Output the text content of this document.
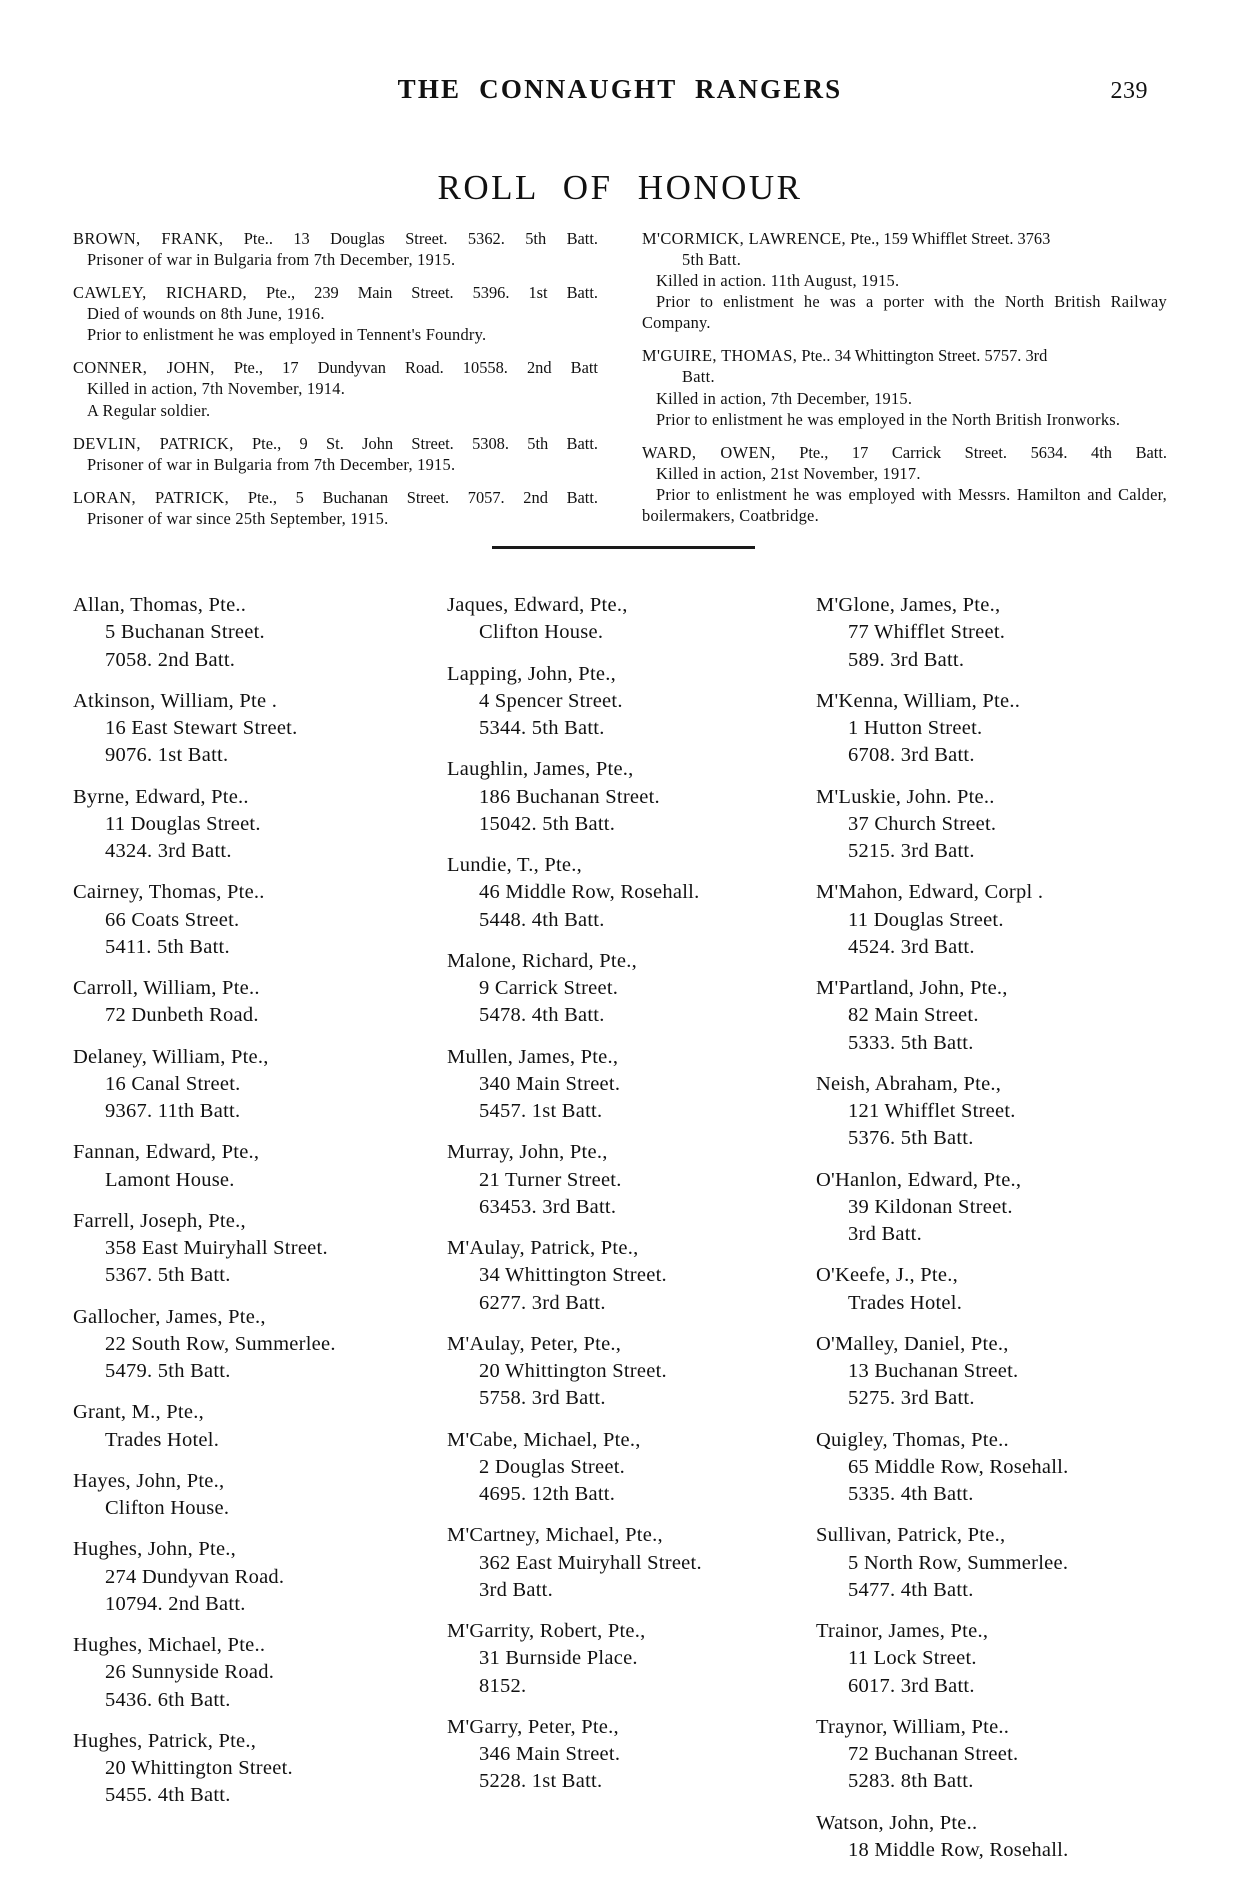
THE CONNAUGHT RANGERS	239
ROLL OF HONOUR
BROWN, FRANK, Pte.. 13 Douglas Street. 5362. 5th Batt.
Prisoner of war in Bulgaria from 7th December, 1915.
CAWLEY, RICHARD, Pte., 239 Main Street. 5396. 1st Batt.
Died of wounds on 8th June, 1916.
Prior to enlistment he was employed in Tennent's Foundry.
CONNER, JOHN, Pte., 17 Dundyvan Road. 10558. 2nd Batt
Killed in action, 7th November, 1914.
A Regular soldier.
DEVLIN, PATRICK, Pte., 9 St. John Street. 5308. 5th Batt.
Prisoner of war in Bulgaria from 7th December, 1915.
LORAN, PATRICK, Pte., 5 Buchanan Street. 7057. 2nd Batt.
Prisoner of war since 25th September, 1915.
M'CORMICK, LAWRENCE, Pte., 159 Whifflet Street. 3763
5th Batt.
Killed in action. 11th August, 1915.
Prior to enlistment he was a porter with the North British Railway Company.
M'GUIRE, THOMAS, Pte.. 34 Whittington Street. 5757. 3rd
Batt.
Killed in action, 7th December, 1915.
Prior to enlistment he was employed in the North British Ironworks.
WARD, OWEN, Pte., 17 Carrick Street. 5634. 4th Batt.
Killed in action, 21st November, 1917.
Prior to enlistment he was employed with Messrs. Hamilton and Calder, boilermakers, Coatbridge.
Allan, Thomas, Pte..
5 Buchanan Street.
7058. 2nd Batt.
Atkinson, William, Pte .
16 East Stewart Street.
9076. 1st Batt.
Byrne, Edward, Pte..
11 Douglas Street.
4324. 3rd Batt.
Cairney, Thomas, Pte..
66 Coats Street.
5411. 5th Batt.
Carroll, William, Pte..
72 Dunbeth Road.
Delaney, William, Pte.,
16 Canal Street.
9367. 11th Batt.
Fannan, Edward, Pte.,
Lamont House.
Farrell, Joseph, Pte.,
358 East Muiryhall Street.
5367. 5th Batt.
Gallocher, James, Pte.,
22 South Row, Summerlee.
5479. 5th Batt.
Grant, M., Pte.,
Trades Hotel.
Hayes, John, Pte.,
Clifton House.
Hughes, John, Pte.,
274 Dundyvan Road.
10794. 2nd Batt.
Hughes, Michael, Pte..
26 Sunnyside Road.
5436. 6th Batt.
Hughes, Patrick, Pte.,
20 Whittington Street.
5455. 4th Batt.
Jaques, Edward, Pte.,
Clifton House.
Lapping, John, Pte.,
4 Spencer Street.
5344. 5th Batt.
Laughlin, James, Pte.,
186 Buchanan Street.
15042. 5th Batt.
Lundie, T., Pte.,
46 Middle Row, Rosehall.
5448. 4th Batt.
Malone, Richard, Pte.,
9 Carrick Street.
5478. 4th Batt.
Mullen, James, Pte.,
340 Main Street.
5457. 1st Batt.
Murray, John, Pte.,
21 Turner Street.
63453. 3rd Batt.
M'Aulay, Patrick, Pte.,
34 Whittington Street.
6277. 3rd Batt.
M'Aulay, Peter, Pte.,
20 Whittington Street.
5758. 3rd Batt.
M'Cabe, Michael, Pte.,
2 Douglas Street.
4695. 12th Batt.
M'Cartney, Michael, Pte.,
362 East Muiryhall Street.
3rd Batt.
M'Garrity, Robert, Pte.,
31 Burnside Place.
8152.
M'Garry, Peter, Pte.,
346 Main Street.
5228. 1st Batt.
M'Glone, James, Pte.,
77 Whifflet Street.
589. 3rd Batt.
M'Kenna, William, Pte..
1 Hutton Street.
6708. 3rd Batt.
M'Luskie, John. Pte..
37 Church Street.
5215. 3rd Batt.
M'Mahon, Edward, Corpl .
11 Douglas Street.
4524. 3rd Batt.
M'Partland, John, Pte.,
82 Main Street.
5333. 5th Batt.
Neish, Abraham, Pte.,
121 Whifflet Street.
5376. 5th Batt.
O'Hanlon, Edward, Pte.,
39 Kildonan Street.
3rd Batt.
O'Keefe, J., Pte.,
Trades Hotel.
O'Malley, Daniel, Pte.,
13 Buchanan Street.
5275. 3rd Batt.
Quigley, Thomas, Pte..
65 Middle Row, Rosehall.
5335. 4th Batt.
Sullivan, Patrick, Pte.,
5 North Row, Summerlee.
5477. 4th Batt.
Trainor, James, Pte.,
11 Lock Street.
6017. 3rd Batt.
Traynor, William, Pte..
72 Buchanan Street.
5283. 8th Batt.
Watson, John, Pte..
18 Middle Row, Rosehall.
